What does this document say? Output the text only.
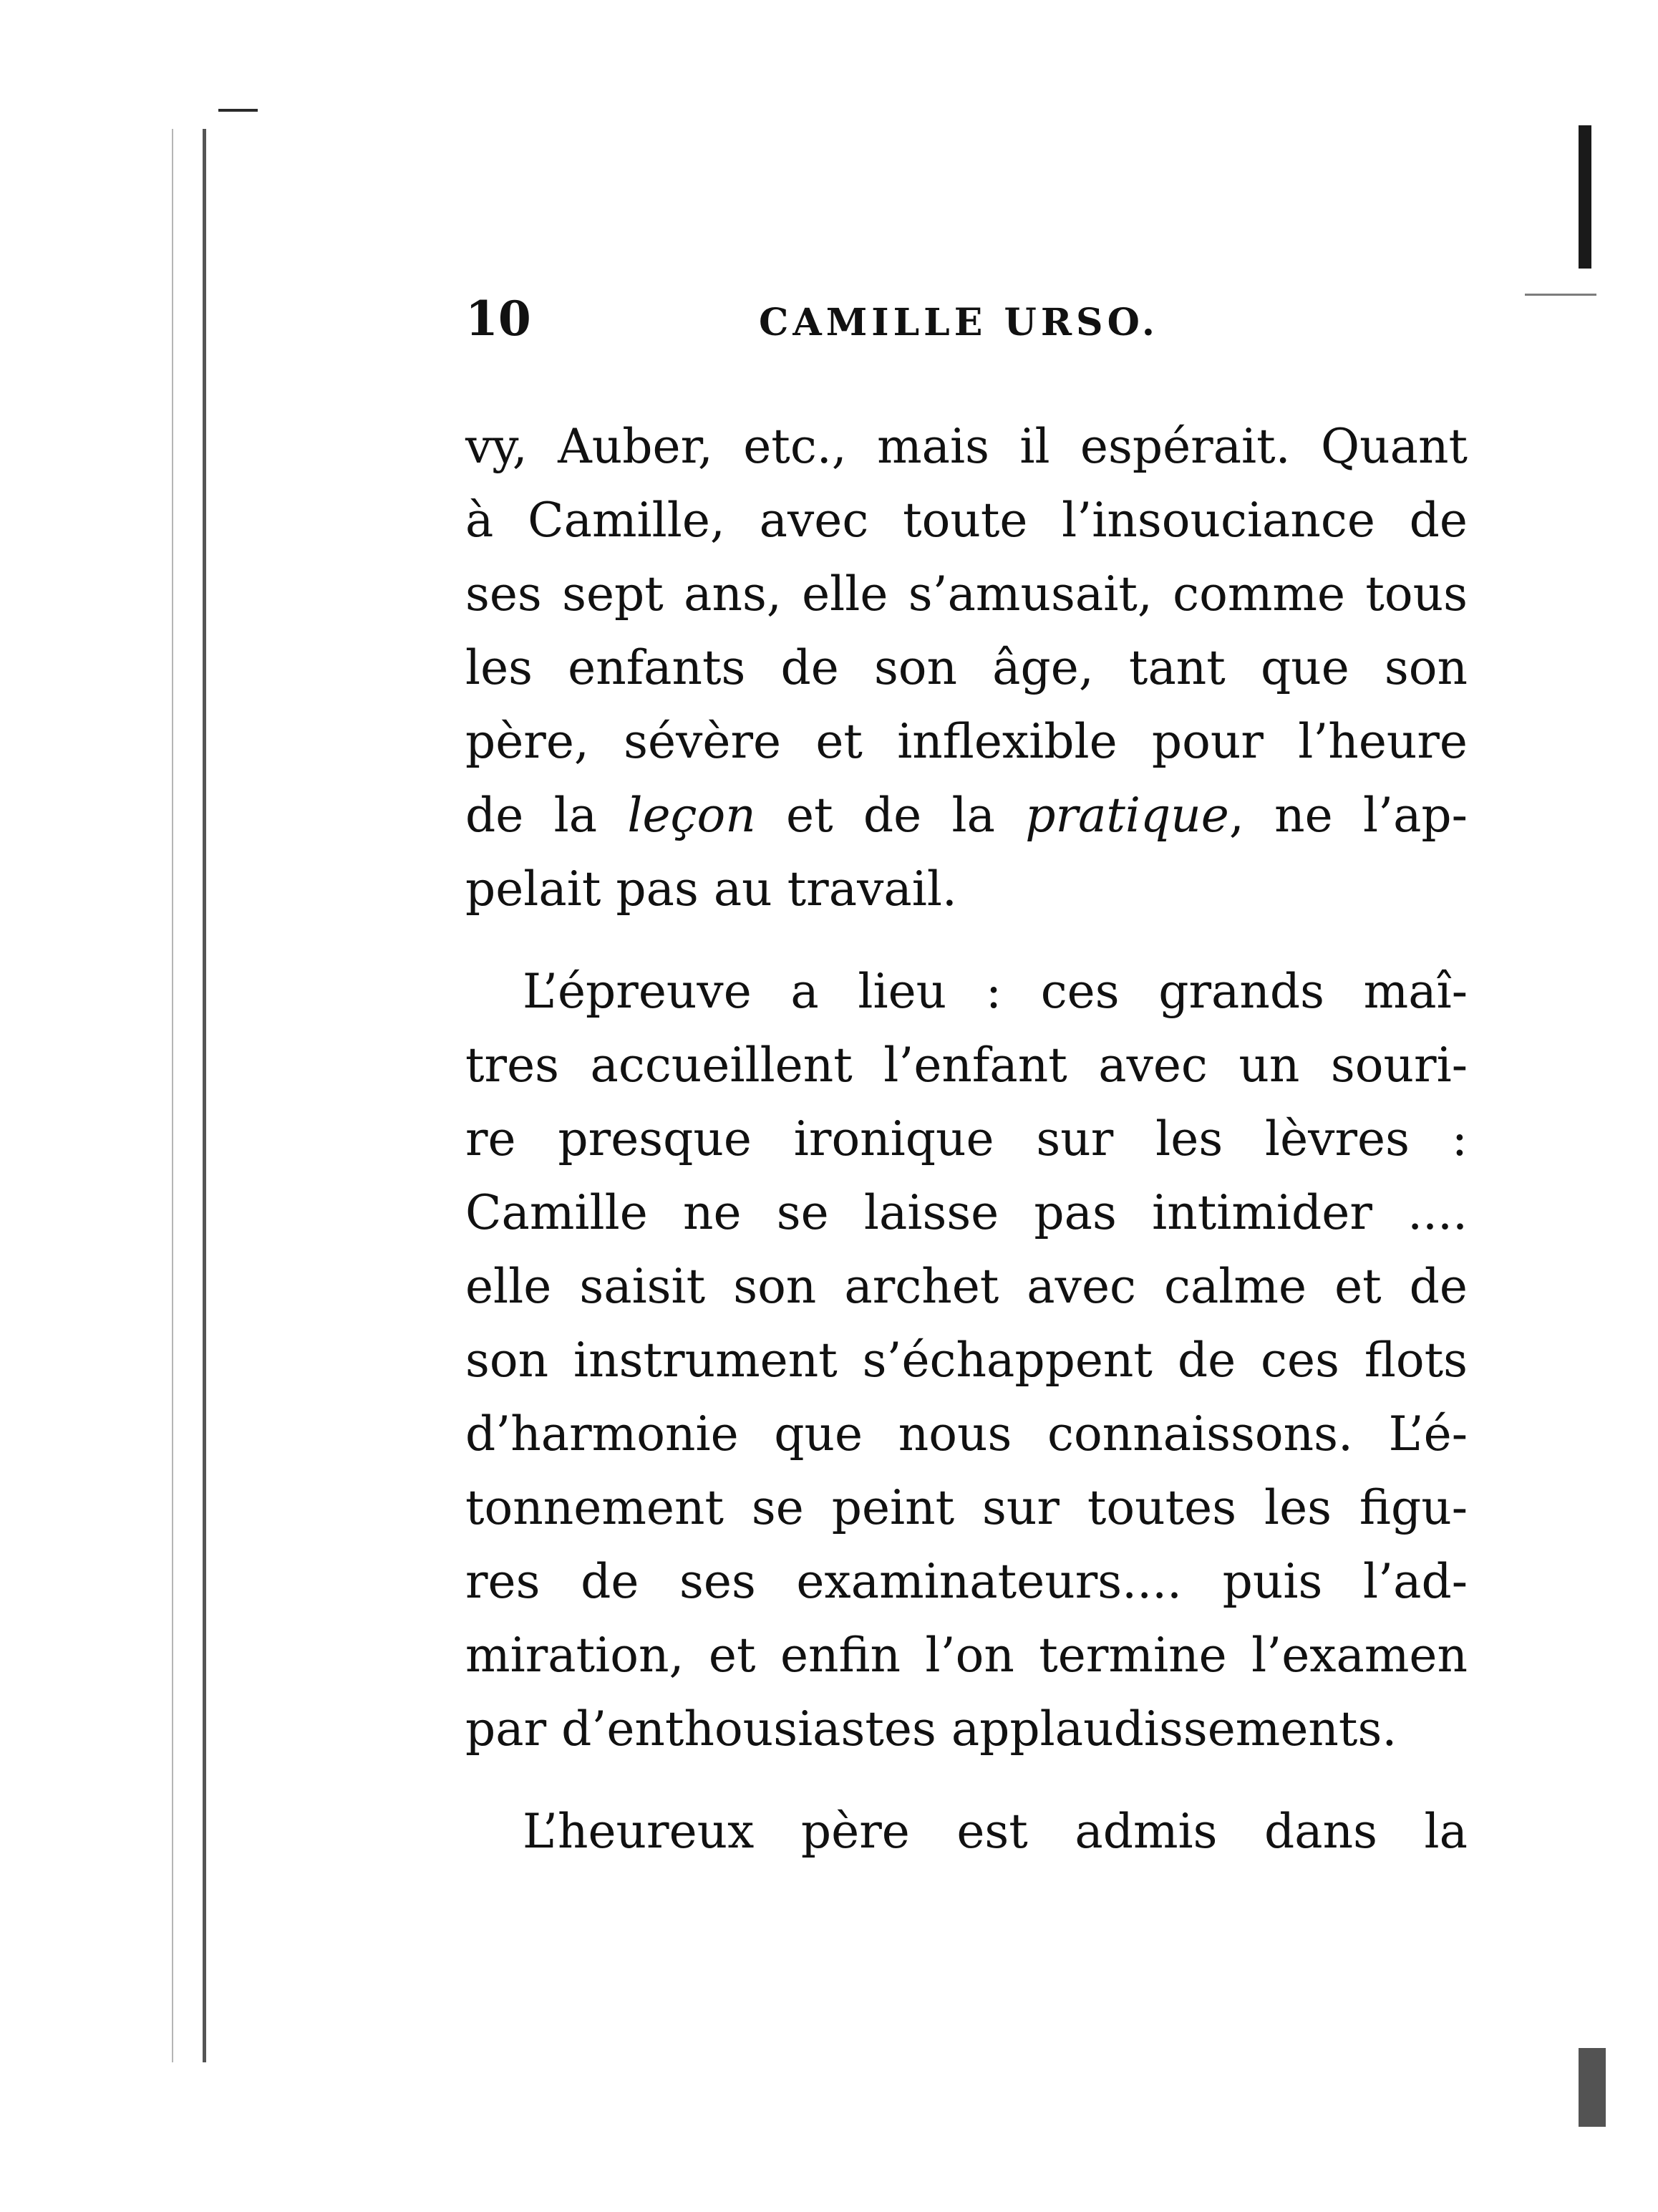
10	CAMILLE URSO.
vy, Auber, etc., mais il espérait. Quant
à Camille, avec toute l’insouciance de
ses sept ans, elle s’amusait, comme tous
les enfants de son âge, tant que son
père, sévère et inflexible pour l’heure
de la leçon et de la pratique, ne l’ap-
pelait pas au travail.
L’épreuve a lieu : ces grands maî-
tres accueillent l’enfant avec un souri-
re presque ironique sur les lèvres :
Camille ne se laisse pas intimider ....
elle saisit son archet avec calme et de
son instrument s’échappent de ces flots
d’harmonie que nous connaissons. L’é-
tonnement se peint sur toutes les figu-
res de ses examinateurs.... puis l’ad-
miration, et enfin l’on termine l’examen
par d’enthousiastes applaudissements.
L’heureux père est admis dans la
